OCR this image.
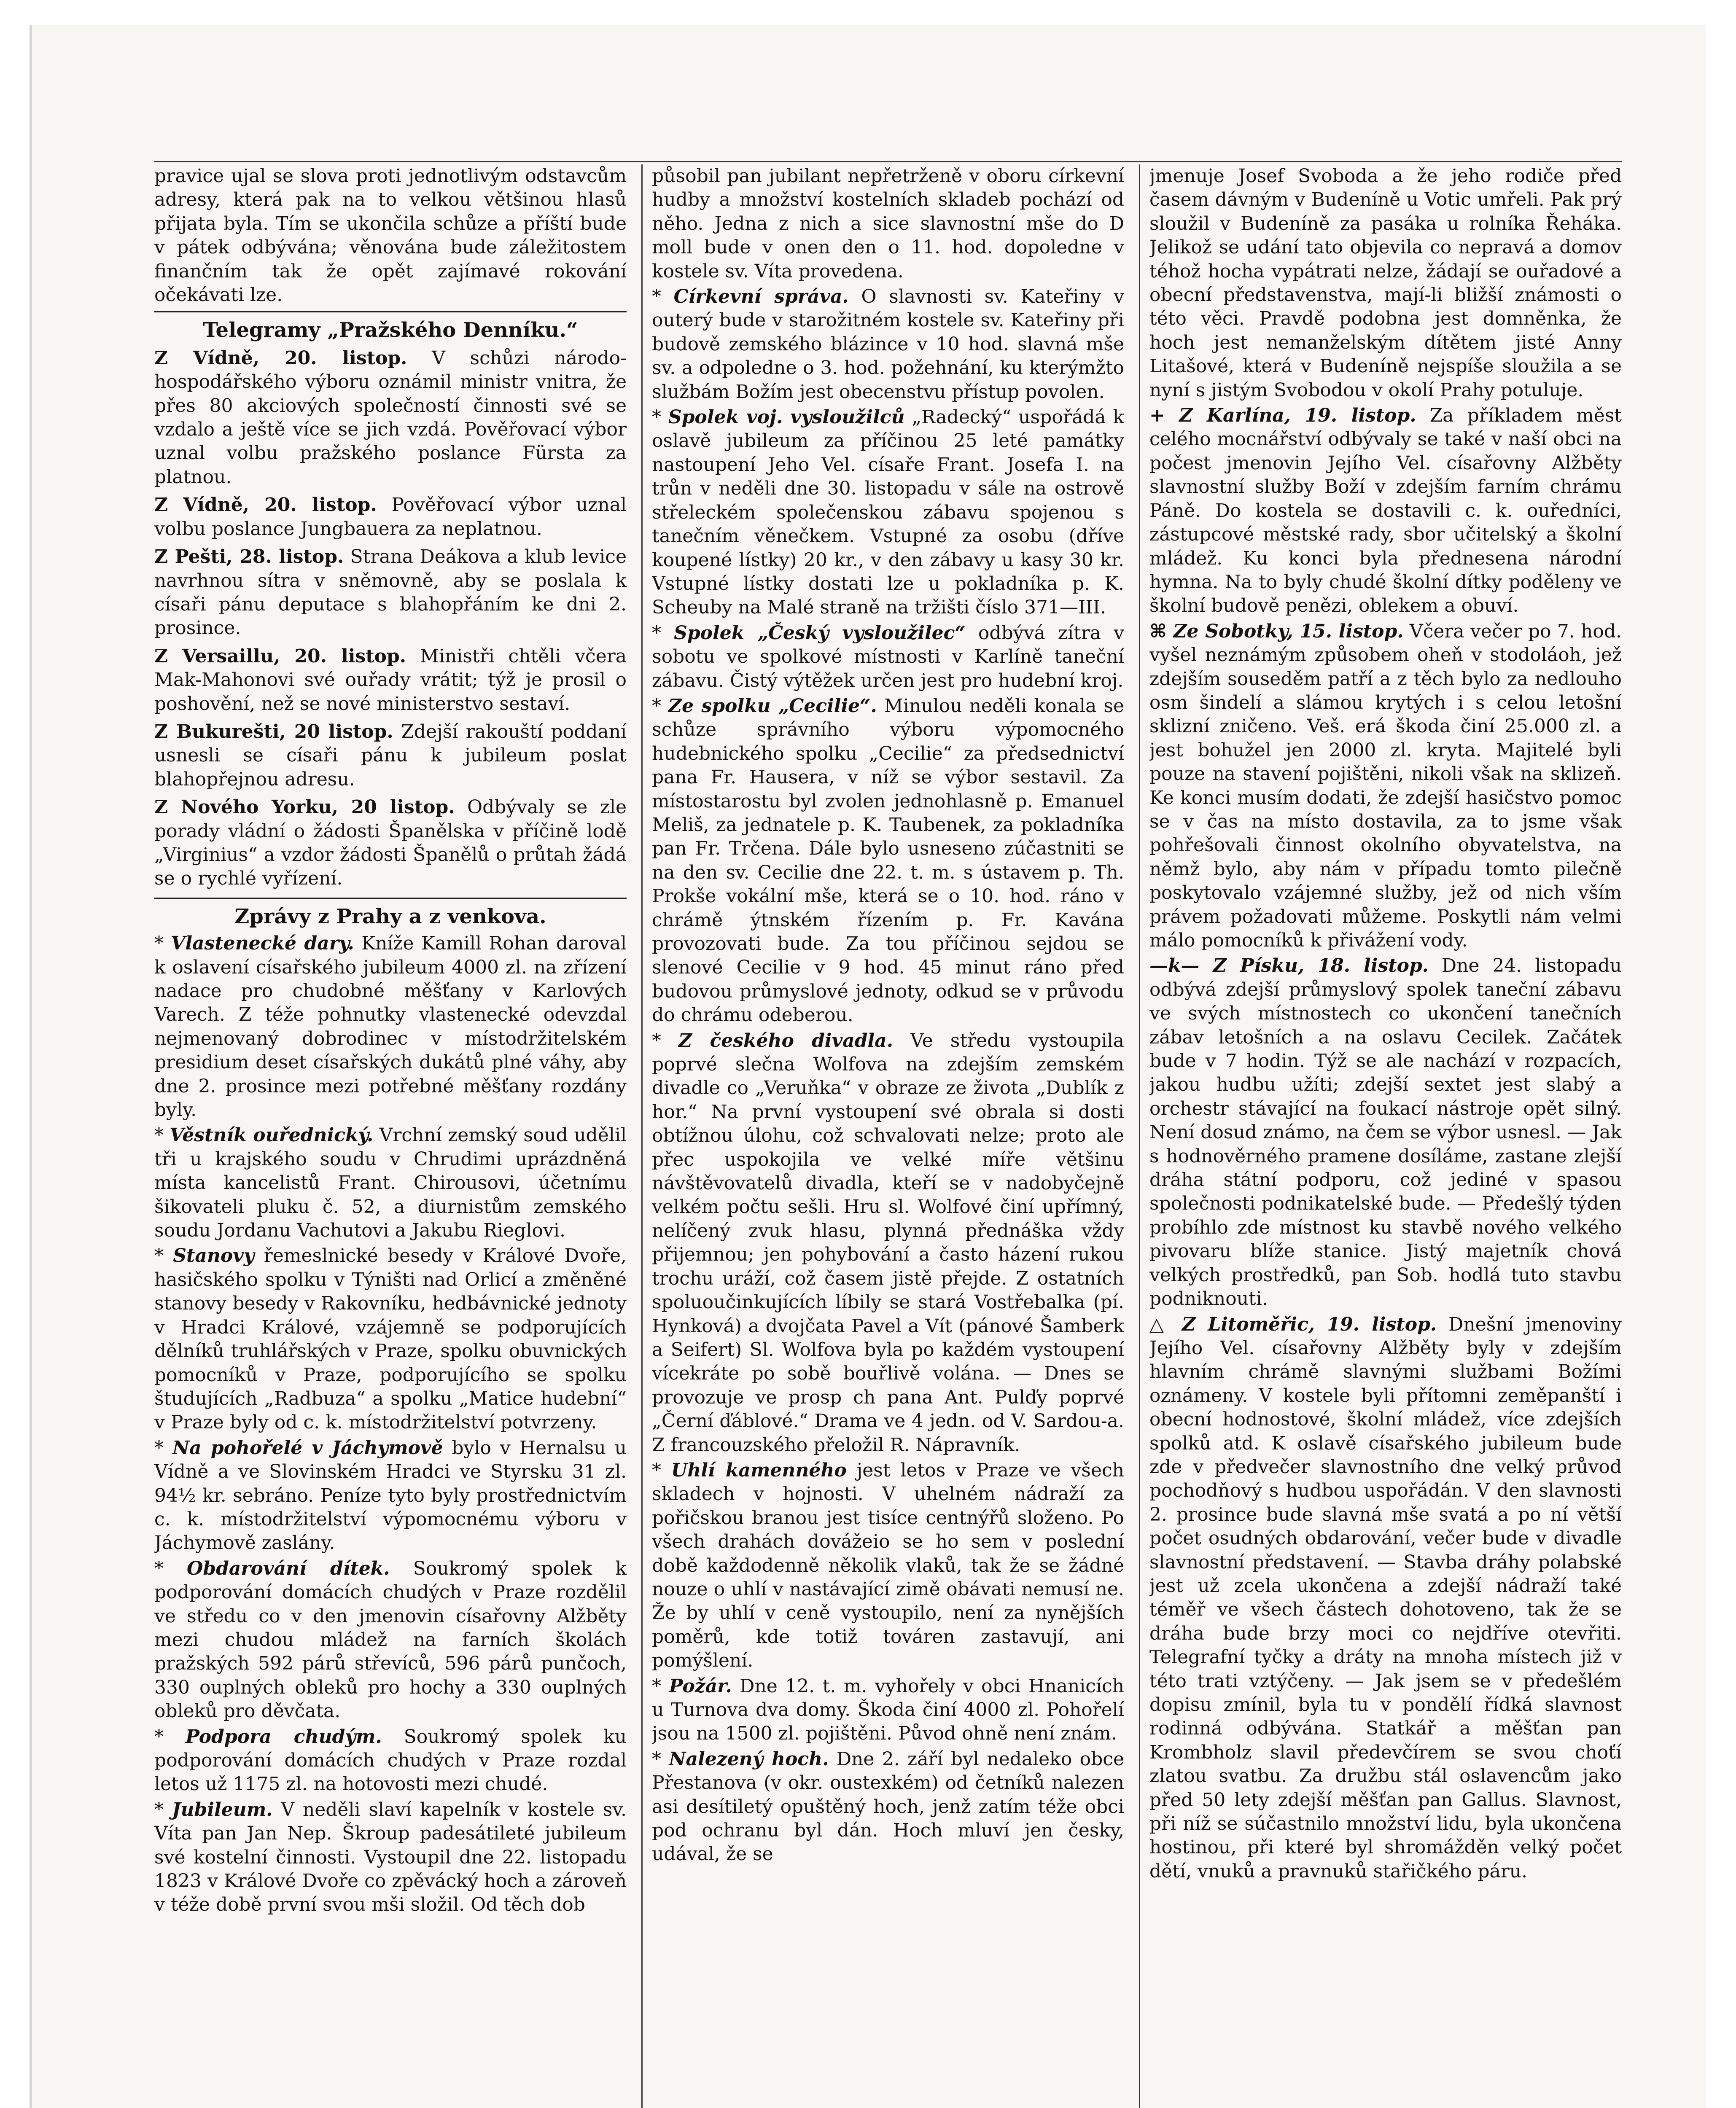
pravice ujal se slova proti jednotlivým odstavcům adresy, která pak na to velkou většinou hlasů přijata byla. Tím se ukončila schůze a příští bude v pátek odbývána; věnována bude záležitostem finančním tak že opět zajímavé rokování očekávati lze.

Telegramy „Pražského Denníku.“

Z Vídně, 20. listop. V schůzi národo-hospodářského výboru oznámil ministr vnitra, že přes 80 akciových společností činnosti své se vzdalo a ještě více se jich vzdá. Pověřovací výbor uznal volbu pražského poslance Fürsta za platnou.

Z Vídně, 20. listop. Pověřovací výbor uznal volbu poslance Jungbauera za neplatnou.

Z Pešti, 28. listop. Strana Deákova a klub levice navrhnou sítra v sněmovně, aby se poslala k císaři pánu deputace s blahopřáním ke dni 2. prosince.

Z Versaillu, 20. listop. Ministři chtěli včera Mak-Mahonovi své ouřady vrátit; týž je prosil o poshovění, než se nové ministerstvo sestaví.

Z Bukurešti, 20 listop. Zdejší rakouští poddaní usnesli se císaři pánu k jubileum poslat blahopřejnou adresu.

Z Nového Yorku, 20 listop. Odbývaly se zle porady vládní o žádosti Španělska v příčině lodě „Virginius“ a vzdor žádosti Španělů o průtah žádá se o rychlé vyřízení.

Zprávy z Prahy a z venkova.

* Vlastenecké dary. Kníže Kamill Rohan daroval k oslavení císařského jubileum 4000 zl. na zřízení nadace pro chudobné měšťany v Karlových Varech. Z téže pohnutky vlastenecké odevzdal nejmenovaný dobrodinec v místodržitelském presidium deset císařských dukátů plné váhy, aby dne 2. prosince mezi potřebné měšťany rozdány byly.

* Věstník ouřednický. Vrchní zemský soud udělil tři u krajského soudu v Chrudimi uprázdněná místa kancelistů Frant. Chirousovi, účetnímu šikovateli pluku č. 52, a diurnistům zemského soudu Jordanu Vachutovi a Jakubu Rieglovi.

* Stanovy řemeslnické besedy v Králové Dvoře, hasičského spolku v Týništi nad Orlicí a změněné stanovy besedy v Rakovníku, hedbávnické jednoty v Hradci Králové, vzájemně se podporujících dělníků truhlářských v Praze, spolku obuvnických pomocníků v Praze, podporujícího se spolku študujících „Radbuza“ a spolku „Matice hudební“ v Praze byly od c. k. místodržitelství potvrzeny.

* Na pohořelé v Jáchymově bylo v Hernalsu u Vídně a ve Slovinském Hradci ve Styrsku 31 zl. 94½ kr. sebráno. Peníze tyto byly prostřednictvím c. k. místodržitelství výpomocnému výboru v Jáchymově zaslány.

* Obdarování dítek. Soukromý spolek k podporování domácích chudých v Praze rozdělil ve středu co v den jmenovin císařovny Alžběty mezi chudou mládež na farních školách pražských 592 párů střevíců, 596 párů punčoch, 330 ouplných obleků pro hochy a 330 ouplných obleků pro děvčata.

* Podpora chudým. Soukromý spolek ku podporování domácích chudých v Praze rozdal letos už 1175 zl. na hotovosti mezi chudé.

* Jubileum. V neděli slaví kapelník v kostele sv. Víta pan Jan Nep. Škroup padesátileté jubileum své kostelní činnosti. Vystoupil dne 22. listopadu 1823 v Králové Dvoře co zpěvácký hoch a zároveň v téže době první svou mši složil. Od těch dob

působil pan jubilant nepřetrženě v oboru církevní hudby a množství kostelních skladeb pochází od něho. Jedna z nich a sice slavnostní mše do D moll bude v onen den o 11. hod. dopoledne v kostele sv. Víta provedena.

* Církevní správa. O slavnosti sv. Kateřiny v outerý bude v starožitném kostele sv. Kateřiny při budově zemského blázince v 10 hod. slavná mše sv. a odpoledne o 3. hod. požehnání, ku kterýmžto službám Božím jest obecenstvu přístup povolen.

* Spolek voj. vysloužilců „Radecký“ uspořádá k oslavě jubileum za příčinou 25 leté památky nastoupení Jeho Vel. císaře Frant. Josefa I. na trůn v neděli dne 30. listopadu v sále na ostrově střeleckém společenskou zábavu spojenou s tanečním věnečkem. Vstupné za osobu (dříve koupené lístky) 20 kr., v den zábavy u kasy 30 kr. Vstupné lístky dostati lze u pokladníka p. K. Scheuby na Malé straně na tržišti číslo 371—III.

* Spolek „Český vysloužilec“ odbývá zítra v sobotu ve spolkové místnosti v Karlíně taneční zábavu. Čistý výtěžek určen jest pro hudební kroj.

* Ze spolku „Cecilie“. Minulou neděli konala se schůze správního výboru výpomocného hudebnického spolku „Cecilie“ za předsednictví pana Fr. Hausera, v níž se výbor sestavil. Za místostarostu byl zvolen jednohlasně p. Emanuel Meliš, za jednatele p. K. Taubenek, za pokladníka pan Fr. Trčena. Dále bylo usneseno zúčastniti se na den sv. Cecilie dne 22. t. m. s ústavem p. Th. Prokše vokální mše, která se o 10. hod. ráno v chrámě ýtnském řízením p. Fr. Kavána provozovati bude. Za tou příčinou sejdou se slenové Cecilie v 9 hod. 45 minut ráno před budovou průmyslové jednoty, odkud se v průvodu do chrámu odeberou.

* Z českého divadla. Ve středu vystoupila poprvé slečna Wolfova na zdejším zemském divadle co „Veruňka“ v obraze ze života „Dublík z hor.“ Na první vystoupení své obrala si dosti obtížnou úlohu, což schvalovati nelze; proto ale přec uspokojila ve velké míře většinu návštěvovatelů divadla, kteří se v nadobyčejně velkém počtu sešli. Hru sl. Wolfové činí upřímný, nelíčený zvuk hlasu, plynná přednáška vždy přijemnou; jen pohybování a často házení rukou trochu uráží, což časem jistě přejde. Z ostatních spoluoučinkujících líbily se stará Vostřebalka (pí. Hynková) a dvojčata Pavel a Vít (pánové Šamberk a Seifert) Sl. Wolfova byla po každém vystoupení vícekráte po sobě bouřlivě volána. — Dnes se provozuje ve prosp ch pana Ant. Pulďy poprvé „Černí ďáblové.“ Drama ve 4 jedn. od V. Sardou-a. Z francouzského přeložil R. Nápravník.

* Uhlí kamenného jest letos v Praze ve všech skladech v hojnosti. V uhelném nádraží za pořičskou branou jest tisíce centnýřů složeno. Po všech drahách dovážeio se ho sem v poslední době každodenně několik vlaků, tak že se žádné nouze o uhlí v nastávající zimě obávati nemusí ne. Že by uhlí v ceně vystoupilo, není za nynějších poměrů, kde totiž továren zastavují, ani pomýšlení.

* Požár. Dne 12. t. m. vyhořely v obci Hnanicích u Turnova dva domy. Škoda činí 4000 zl. Pohořelí jsou na 1500 zl. pojištěni. Původ ohně není znám.

* Nalezený hoch. Dne 2. září byl nedaleko obce Přestanova (v okr. oustexkém) od četníků nalezen asi desítiletý opuštěný hoch, jenž zatím téže obci pod ochranu byl dán. Hoch mluví jen česky, udával, že se

jmenuje Josef Svoboda a že jeho rodiče před časem dávným v Budeníně u Votic umřeli. Pak prý sloužil v Budeníně za pasáka u rolníka Řeháka. Jelikož se udání tato objevila co nepravá a domov téhož hocha vypátrati nelze, žádají se ouřadové a obecní představenstva, mají-li bližší známosti o této věci. Pravdě podobna jest domněnka, že hoch jest nemanželským dítětem jisté Anny Litašové, která v Budeníně nejspíše sloužila a se nyní s jistým Svobodou v okolí Prahy potuluje.

+ Z Karlína, 19. listop. Za příkladem měst celého mocnářství odbývaly se také v naší obci na počest jmenovin Jejího Vel. císařovny Alžběty slavnostní služby Boží v zdejším farním chrámu Páně. Do kostela se dostavili c. k. ouředníci, zástupcové městské rady, sbor učitelský a školní mládež. Ku konci byla přednesena národní hymna. Na to byly chudé školní dítky poděleny ve školní budově penězi, oblekem a obuví.

⌘ Ze Sobotky, 15. listop. Včera večer po 7. hod. vyšel neznámým způsobem oheň v stodoláoh, jež zdejším souseděm patří a z těch bylo za nedlouho osm šindelí a slámou krytých i s celou letošní sklizní zničeno. Veš. erá škoda činí 25.000 zl. a jest bohužel jen 2000 zl. kryta. Majitelé byli pouze na stavení pojištěni, nikoli však na sklizeň. Ke konci musím dodati, že zdejší hasičstvo pomoc se v čas na místo dostavila, za to jsme však pohřešovali činnost okolního obyvatelstva, na němž bylo, aby nám v případu tomto pilečně poskytovalo vzájemné služby, jež od nich vším právem požadovati můžeme. Poskytli nám velmi málo pomocníků k přivážení vody.

—k— Z Písku, 18. listop. Dne 24. listopadu odbývá zdejší průmyslový spolek taneční zábavu ve svých místnostech co ukončení tanečních zábav letošních a na oslavu Cecilek. Začátek bude v 7 hodin. Týž se ale nachází v rozpacích, jakou hudbu užíti; zdejší sextet jest slabý a orchestr stávající na foukací nástroje opět silný. Není dosud známo, na čem se výbor usnesl. — Jak s hodnověrného pramene dosíláme, zastane zlejší dráha státní podporu, což jediné v spasou společnosti podnikatelské bude. — Předešlý týden probíhlo zde místnost ku stavbě nového velkého pivovaru blíže stanice. Jistý majetník chová velkých prostředků, pan Sob. hodlá tuto stavbu podniknouti.

△ Z Litoměřic, 19. listop. Dnešní jmenoviny Jejího Vel. císařovny Alžběty byly v zdejším hlavním chrámě slavnými službami Božími oznámeny. V kostele byli přítomni zeměpanští i obecní hodnostové, školní mládež, více zdejších spolků atd. K oslavě císařského jubileum bude zde v předvečer slavnostního dne velký průvod pochodňový s hudbou uspořádán. V den slavnosti 2. prosince bude slavná mše svatá a po ní větší počet osudných obdarování, večer bude v divadle slavnostní představení. — Stavba dráhy polabské jest už zcela ukončena a zdejší nádraží také téměř ve všech částech dohotoveno, tak že se dráha bude brzy moci co nejdříve otevřiti. Telegrafní tyčky a dráty na mnoha místech již v této trati vztýčeny. — Jak jsem se v předešlém dopisu zmínil, byla tu v pondělí řídká slavnost rodinná odbývána. Statkář a měšťan pan Krombholz slavil předevčírem se svou choťí zlatou svatbu. Za družbu stál oslavencům jako před 50 lety zdejší měšťan pan Gallus. Slavnost, při níž se súčastnilo množství lidu, byla ukončena hostinou, při které byl shromážděn velký počet dětí, vnuků a pravnuků stařičkého páru.
